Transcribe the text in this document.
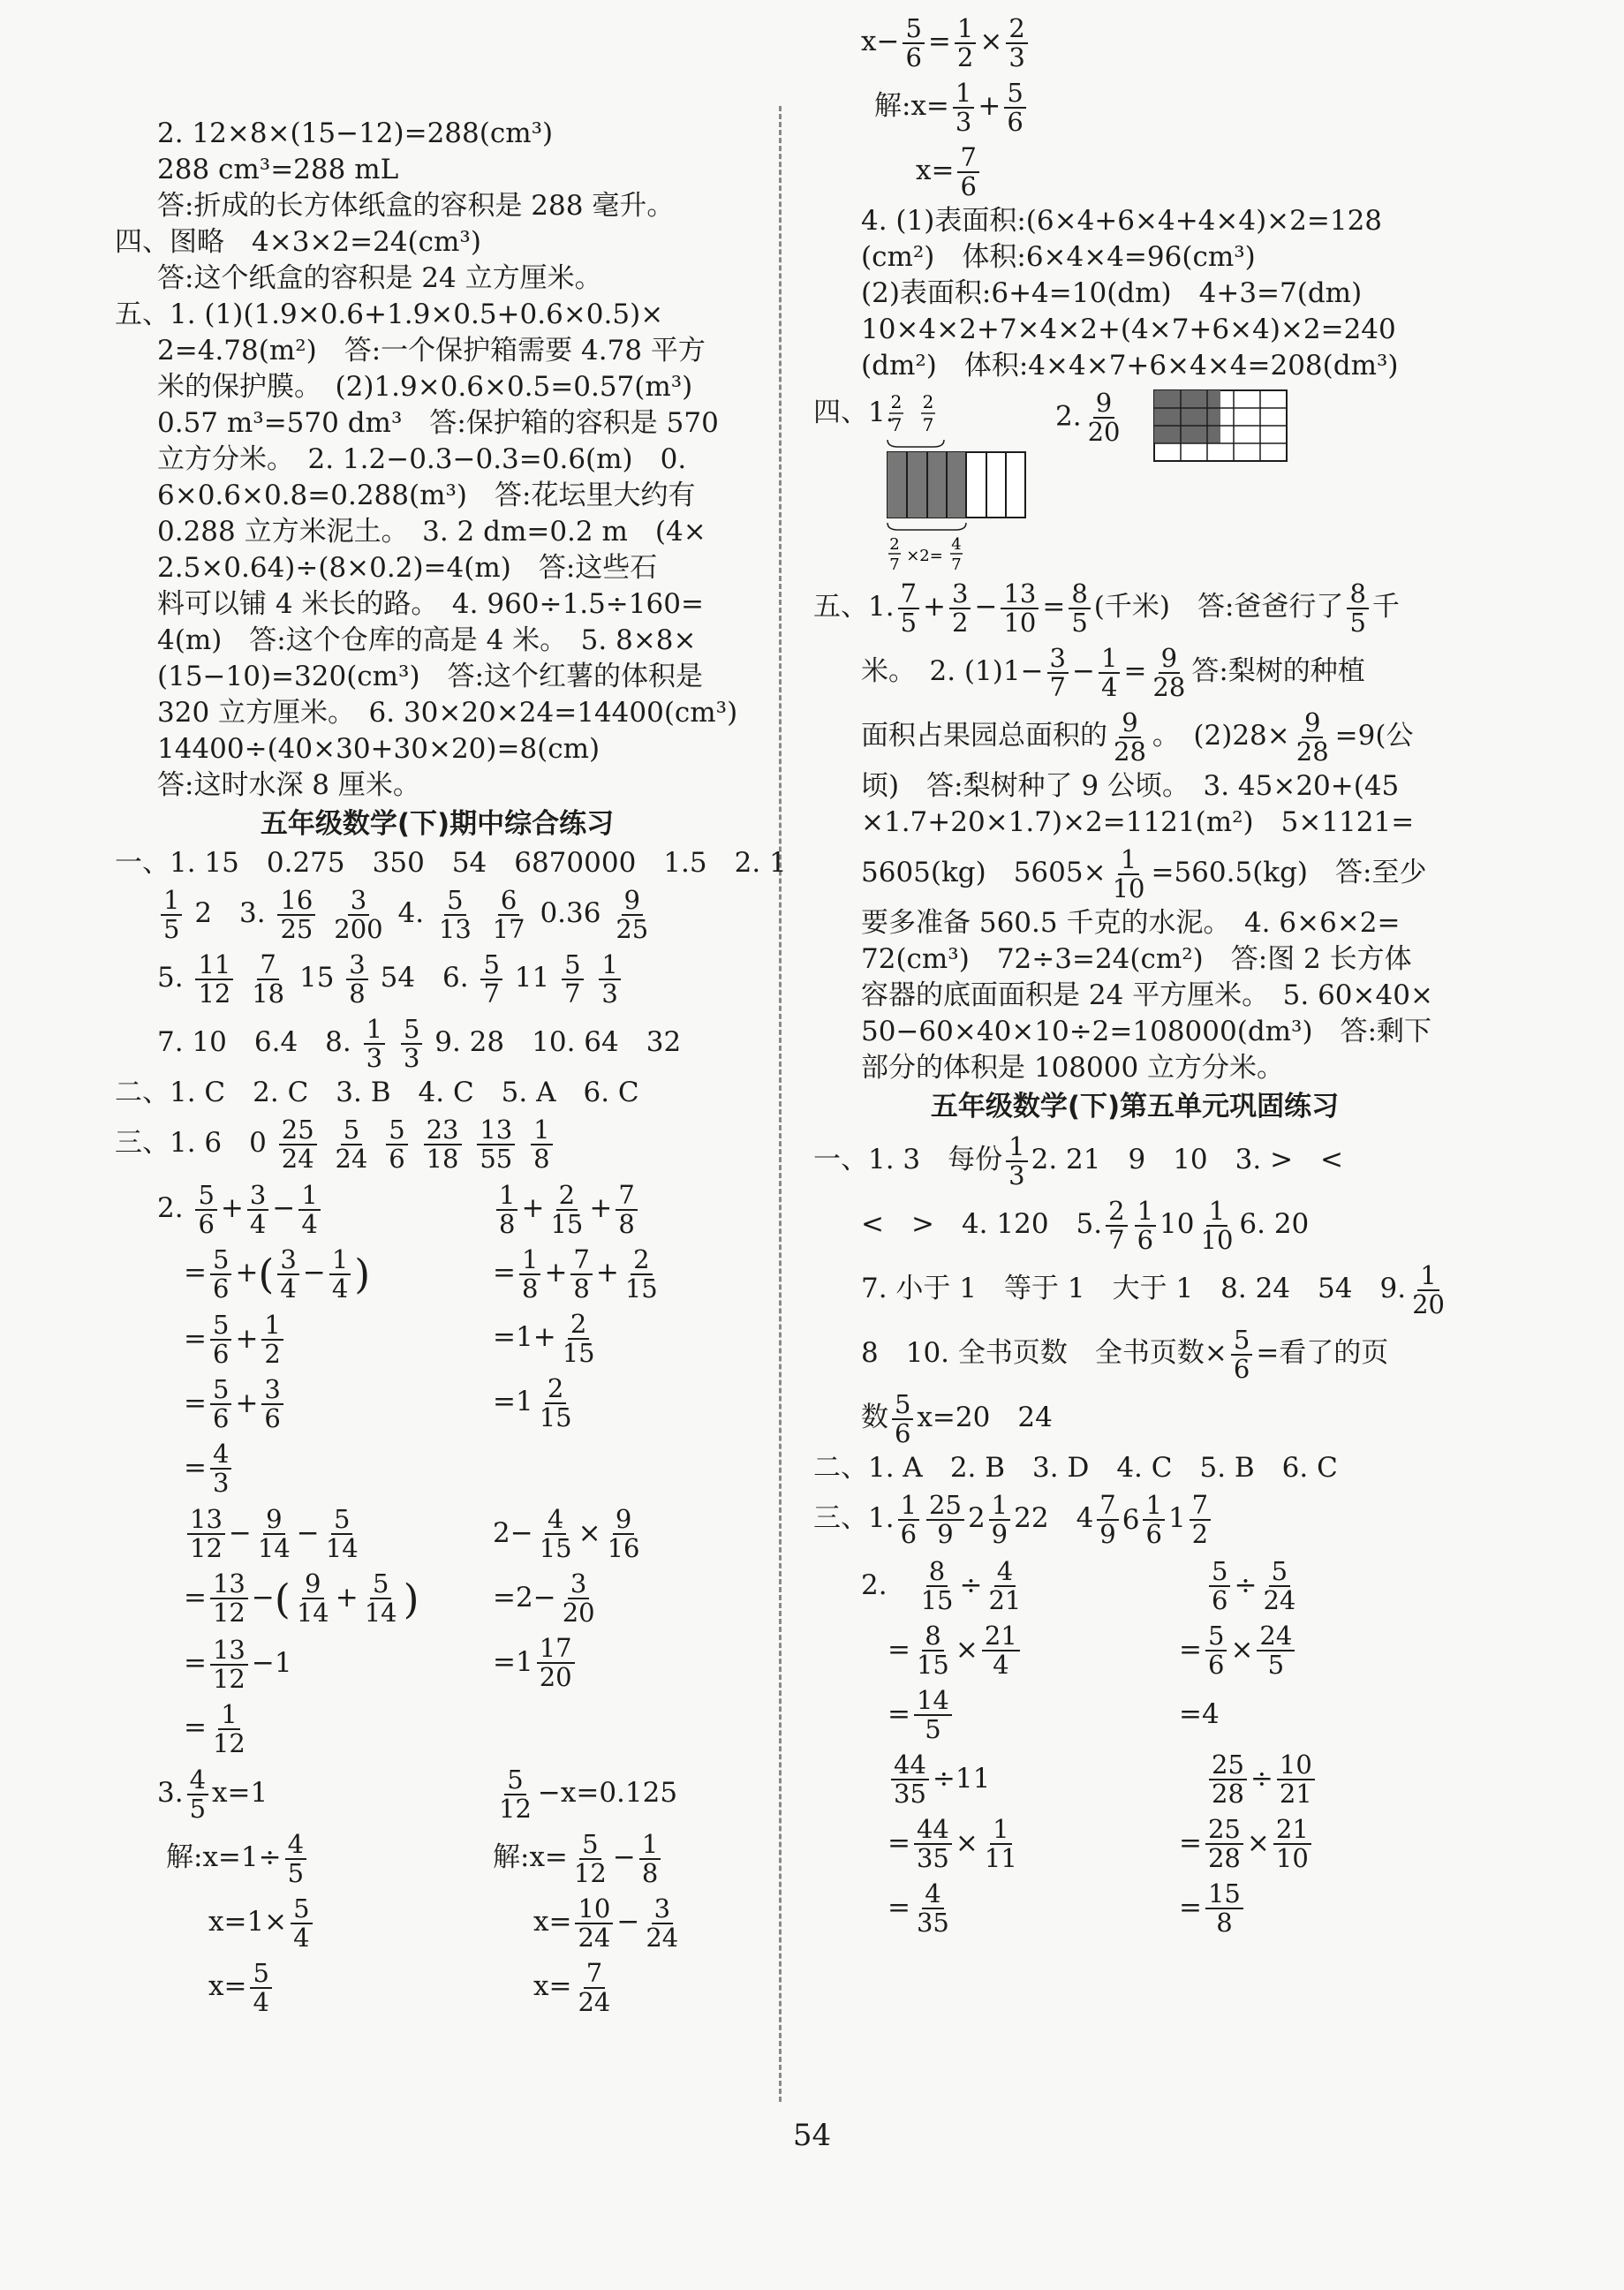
2. 12×8×(15−12)=288(cm³)
288 cm³=288 mL
答:折成的长方体纸盒的容积是 288 毫升。
四、图略　4×3×2=24(cm³)
答:这个纸盒的容积是 24 立方厘米。
五、1. (1)(1.9×0.6+1.9×0.5+0.6×0.5)×
2=4.78(m²)　答:一个保护箱需要 4.78 平方
米的保护膜。　(2)1.9×0.6×0.5=0.57(m³)
0.57 m³=570 dm³　答:保护箱的容积是 570
立方分米。　2. 1.2−0.3−0.3=0.6(m)　0.
6×0.6×0.8=0.288(m³)　答:花坛里大约有
0.288 立方米泥土。　3. 2 dm=0.2 m　(4×
2.5×0.64)÷(8×0.2)=4(m)　答:这些石
料可以铺 4 米长的路。　4. 960÷1.5÷160=
4(m)　答:这个仓库的高是 4 米。　5. 8×8×
(15−10)=320(cm³)　答:这个红薯的体积是
320 立方厘米。　6. 30×20×24=14400(cm³)
14400÷(40×30+30×20)=8(cm)
答:这时水深 8 厘米。
五年级数学(下)期中综合练习
一、1. 15　0.275　350　54　6870000　1.5　2. 1
$\frac{1}{5} 2$　3. $\frac{16}{25}$
$\frac{3}{200} 4$. $\frac{5}{13}$
$\frac{6}{17} 0.36 \frac{9}{25}$
5. $\frac{11}{12}$
$\frac{7}{18} 15 \frac{3}{8} 54$　6. $\frac{5}{7} 11 \frac{5}{7}$
$\frac{1}{3}$
7. 10　6.4　8. $\frac{1}{3}$
$\frac{5}{3} 9$. 28　10. 64　32
二、1. C　2. C　3. B　4. C　5. A　6. C
三、1. 6　$0 \frac{25}{24}$
$\frac{5}{24}$
$\frac{5}{6}$
$\frac{23}{18}$
$\frac{13}{55}$
$\frac{1}{8}$
2. $\frac{5}{6} + \frac{3}{4} - \frac{1}{4}$
= $\frac{5}{6}$ +( $\frac{3}{4} - \frac{1}{4}$ )
= $\frac{5}{6} + \frac{1}{2}$
= $\frac{5}{6} + \frac{3}{6}$
= $\frac{4}{3}$
$\frac{1}{8} + \frac{2}{15} + \frac{7}{8}$
= $\frac{1}{8} + \frac{7}{8} + \frac{2}{15}$
$=1+ \frac{2}{15}$
$=1 \frac{2}{15}$
$\frac{13}{12} - \frac{9}{14} - \frac{5}{14}$
= $\frac{13}{12}$ −( $\frac{9}{14} + \frac{5}{14}$ )
= $\frac{13}{12} -1$
= $\frac{1}{12}$
$2- \frac{4}{15} \times \frac{9}{16}$
$=2- \frac{3}{20}$
$=1 \frac{17}{20}$
3. $\frac{4}{5} x=1$
解:x=1÷ $\frac{4}{5}$
$x=1\times \frac{5}{4}$
$x= \frac{5}{4}$
$\frac{5}{12} -x=0.125$
解:x= $\frac{5}{12} - \frac{1}{8}$
$x= \frac{10}{24} - \frac{3}{24}$
$x= \frac{7}{24}$
$x- \frac{5}{6} = \frac{1}{2} \times \frac{2}{3}$
解:x= $\frac{1}{3} + \frac{5}{6}$
$x= \frac{7}{6}$
4. (1)表面积:(6×4+6×4+4×4)×2=128
(cm²)　体积:6×4×4=96(cm³)
(2)表面积:6+4=10(dm)　4+3=7(dm)
10×4×2+7×4×2+(4×7+6×4)×2=240
(dm²)　体积:4×4×7+6×4×4=208(dm³)
四、1.
2
7
2
7
2
7 ×2=
4
7
2. $\frac{9}{20}$
五、1. $\frac{7}{5} + \frac{3}{2} - \frac{13}{10} = \frac{8}{5}$ (千米)　答:爸爸行了 $\frac{8}{5}$ 千
米。　2. $(1)1- \frac{3}{7} - \frac{1}{4} = \frac{9}{28}$ 答:梨树的种植
面积占果园总面积的 $\frac{9}{28}$ 。　$(2)28\times \frac{9}{28} =9$(公
顷)　答:梨树种了 9 公顷。　3. 45×20+(45
×1.7+20×1.7)×2=1121(m²)　5×1121=
5605(kg)　$5605\times \frac{1}{10} =560.5(kg)$　答:至少
要多准备 560.5 千克的水泥。　4. 6×6×2=
72(cm³)　72÷3=24(cm²)　答:图 2 长方体
容器的底面面积是 24 平方厘米。　5. 60×40×
50−60×40×10÷2=108000(dm³)　答:剩下
部分的体积是 108000 立方分米。
五年级数学(下)第五单元巩固练习
一、1. 3　每份 $\frac{1}{3} 2$. 21　9　10　3. >　<
<　>　4. 120　5. $\frac{2}{7} \frac{1}{6} 10 \frac{1}{10} 6$. 20
7. 小于 1　等于 1　大于 1　8. 24　54　9. $\frac{1}{20}$
8　10. 全书页数　全书页数× $\frac{5}{6}$ =看了的页
数 $\frac{5}{6} x=20$　24
二、1. A　2. B　3. D　4. C　5. B　6. C
三、1. $\frac{1}{6} \frac{25}{9} 2 \frac{1}{9} 22$　$4 \frac{7}{9} 6 \frac{1}{6} 1 \frac{7}{2}$
2.　 $\frac{8}{15} \div \frac{4}{21}$
= $\frac{8}{15} \times \frac{21}{4}$
= $\frac{14}{5}$
$\frac{44}{35} \div 11$
= $\frac{44}{35} \times \frac{1}{11}$
= $\frac{4}{35}$
$\frac{5}{6} \div \frac{5}{24}$
= $\frac{5}{6} \times \frac{24}{5}$
=4
$\frac{25}{28} \div \frac{10}{21}$
= $\frac{25}{28} \times \frac{21}{10}$
= $\frac{15}{8}$
54
